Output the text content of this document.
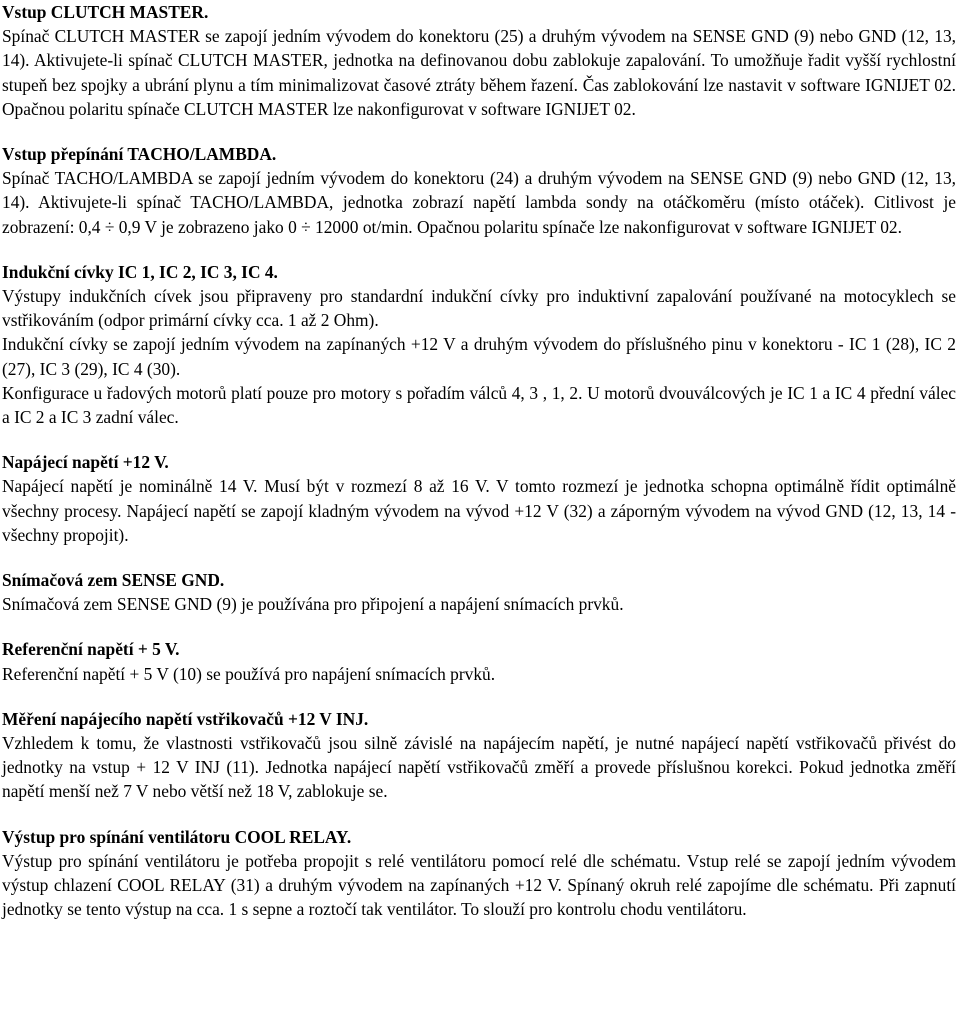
Vstup CLUTCH MASTER.

Spínač CLUTCH MASTER se zapojí jedním vývodem do konektoru (25) a druhým vývodem na SENSE GND (9) nebo GND (12, 13, 14). Aktivujete-li spínač CLUTCH MASTER, jednotka na definovanou dobu zablokuje zapalování. To umožňuje řadit vyšší rychlostní stupeň bez spojky a ubrání plynu a tím minimalizovat časové ztráty během řazení. Čas zablokování lze nastavit v software IGNIJET 02. Opačnou polaritu spínače CLUTCH MASTER lze nakonfigurovat v software IGNIJET 02.

Vstup přepínání TACHO/LAMBDA.

Spínač TACHO/LAMBDA se zapojí jedním vývodem do konektoru (24) a druhým vývodem na SENSE GND (9) nebo GND (12, 13, 14). Aktivujete-li spínač TACHO/LAMBDA, jednotka zobrazí napětí lambda sondy na otáčkoměru (místo otáček). Citlivost je zobrazení: 0,4 ÷ 0,9 V je zobrazeno jako 0 ÷ 12000 ot/min. Opačnou polaritu spínače lze nakonfigurovat v software IGNIJET 02.

Indukční cívky IC 1, IC 2, IC 3, IC 4.

Výstupy indukčních cívek jsou připraveny pro standardní indukční cívky pro induktivní zapalování používané na motocyklech se vstřikováním (odpor primární cívky cca. 1 až 2 Ohm).

Indukční cívky se zapojí jedním vývodem na zapínaných +12 V a druhým vývodem do příslušného pinu v konektoru - IC 1 (28), IC 2 (27), IC 3 (29), IC 4 (30).

Konfigurace u řadových motorů platí pouze pro motory s pořadím válců 4, 3 , 1, 2. U motorů dvouválcových je IC 1 a IC 4 přední válec a IC 2 a IC 3 zadní válec.

Napájecí napětí +12 V.

Napájecí napětí je nominálně 14 V. Musí být v rozmezí 8 až 16 V. V tomto rozmezí je jednotka schopna optimálně řídit optimálně všechny procesy. Napájecí napětí se zapojí kladným vývodem na vývod +12 V (32) a záporným vývodem na vývod GND (12, 13, 14 - všechny propojit).

Snímačová zem SENSE GND.

Snímačová zem SENSE GND (9) je používána pro připojení a napájení snímacích prvků.

Referenční napětí + 5 V.

Referenční napětí + 5 V (10) se používá pro napájení snímacích prvků.

Měření napájecího napětí vstřikovačů +12 V INJ.

Vzhledem k tomu, že vlastnosti vstřikovačů jsou silně závislé na napájecím napětí, je nutné napájecí napětí vstřikovačů přivést do jednotky na vstup + 12 V INJ (11). Jednotka napájecí napětí vstřikovačů změří a provede příslušnou korekci. Pokud jednotka změří napětí menší než 7 V nebo větší než 18 V, zablokuje se.

Výstup pro spínání ventilátoru COOL RELAY.

Výstup pro spínání ventilátoru je potřeba propojit s relé ventilátoru pomocí relé dle schématu. Vstup relé se zapojí jedním vývodem výstup chlazení COOL RELAY (31) a druhým vývodem na zapínaných +12 V. Spínaný okruh relé zapojíme dle schématu. Při zapnutí jednotky se tento výstup na cca. 1 s sepne a roztočí tak ventilátor. To slouží pro kontrolu chodu ventilátoru.
